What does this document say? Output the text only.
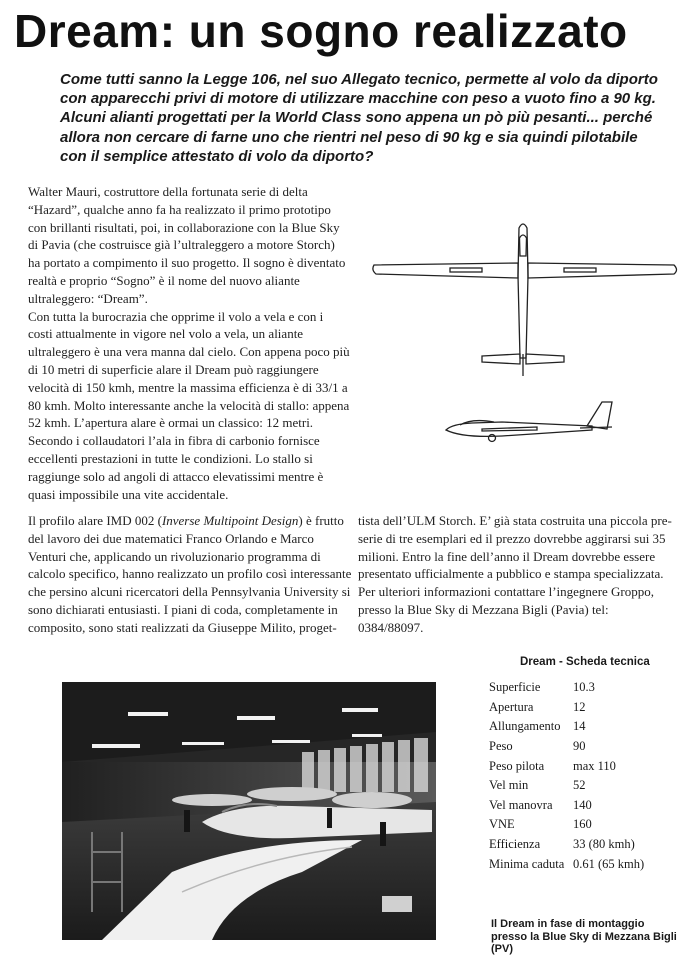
Dream: un sogno realizzato
Come tutti sanno la Legge 106, nel suo Allegato tecnico, permette al volo da diporto con apparecchi privi di motore di utilizzare macchine con peso a vuoto fino a 90 kg. Alcuni alianti progettati per la World Class sono appena un pò più pesanti... perché allora non cercare di farne uno che rientri nel peso di 90 kg e sia quindi pilotabile con il semplice attestato di volo da diporto?

Walter Mauri, costruttore della fortunata serie di delta “Hazard”, qualche anno fa ha realizzato il primo prototipo con brillanti risultati, poi, in collaborazione con la Blue Sky di Pavia (che costruisce già l’ultraleggero a motore Storch) ha portato a compimento il suo progetto. Il sogno è diventato realtà e proprio “Sogno” è il nome del nuovo aliante ultraleggero: “Dream”.

Con tutta la burocrazia che opprime il volo a vela e con i costi attualmente in vigore nel volo a vela, un aliante ultraleggero è una vera manna dal cielo. Con appena poco più di 10 metri di superficie alare il Dream può raggiungere velocità di 150 kmh, mentre la massima efficienza è di 33/1 a 80 kmh. Molto interessante anche la velocità di stallo: appena 52 kmh. L’apertura alare è ormai un classico: 12 metri. Secondo i collaudatori l’ala in fibra di carbonio fornisce eccellenti prestazioni in tutte le condizioni. Lo stallo si raggiunge solo ad angoli di attacco elevatissimi mentre è quasi impossibile una vite accidentale.

Il profilo alare IMD 002 (Inverse Multipoint Design) è frutto del lavoro dei due matematici Franco Orlando e Marco Venturi che, applicando un rivoluzionario programma di calcolo specifico, hanno realizzato un profilo così interessante che persino alcuni ricercatori della Pennsylvania University si sono dichiarati entusiasti. I piani di coda, completamente in composito, sono stati realizzati da Giuseppe Milito, proget-

tista dell’ULM Storch. E’ già stata costruita una piccola pre-serie di tre esemplari ed il prezzo dovrebbe aggirarsi sui 35 milioni. Entro la fine dell’anno il Dream dovrebbe essere presentato ufficialmente a pubblico e stampa specializzata.

Per ulteriori informazioni contattare l’ingegnere Groppo, presso la Blue Sky di Mezzana Bigli (Pavia) tel: 0384/88097.

Dream - Scheda tecnica
Superficie	10.3
Apertura	12
Allungamento 14
Peso	90
Peso pilota	max 110
Vel min	52
Vel manovra	140
VNE	160
Efficienza	33 (80 kmh)
Minima caduta 0.61 (65 kmh)
Il Dream in fase di montaggio presso la Blue Sky di Mezzana Bigli (PV)
